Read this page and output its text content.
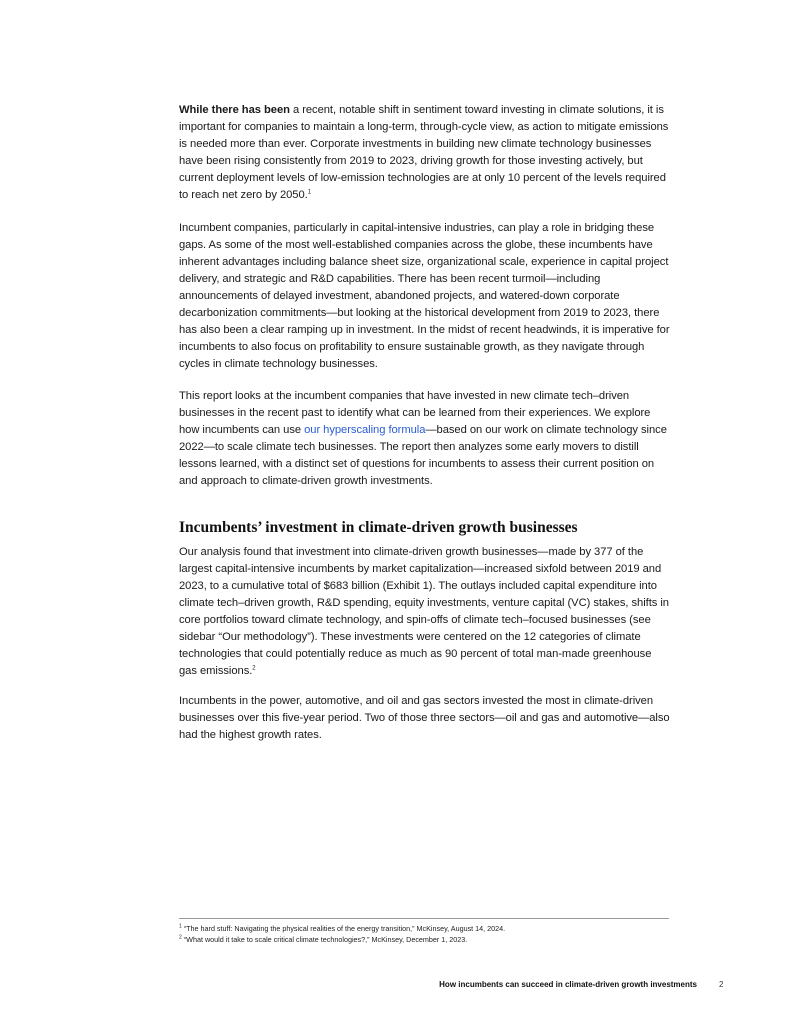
While there has been a recent, notable shift in sentiment toward investing in climate solutions, it is important for companies to maintain a long-term, through-cycle view, as action to mitigate emissions is needed more than ever. Corporate investments in building new climate technology businesses have been rising consistently from 2019 to 2023, driving growth for those investing actively, but current deployment levels of low-emission technologies are at only 10 percent of the levels required to reach net zero by 2050.$^1$

Incumbent companies, particularly in capital-intensive industries, can play a role in bridging these gaps. As some of the most well-established companies across the globe, these incumbents have inherent advantages including balance sheet size, organizational scale, experience in capital project delivery, and strategic and R&D capabilities. There has been recent turmoil—including announcements of delayed investment, abandoned projects, and watered-down corporate decarbonization commitments—but looking at the historical development from 2019 to 2023, there has also been a clear ramping up in investment. In the midst of recent headwinds, it is imperative for incumbents to also focus on profitability to ensure sustainable growth, as they navigate through cycles in climate technology businesses.

This report looks at the incumbent companies that have invested in new climate tech–driven businesses in the recent past to identify what can be learned from their experiences. We explore how incumbents can use our hyperscaling formula—based on our work on climate technology since 2022—to scale climate tech businesses. The report then analyzes some early movers to distill lessons learned, with a distinct set of questions for incumbents to assess their current position on and approach to climate-driven growth investments.

Incumbents’ investment in climate-driven growth businesses

Our analysis found that investment into climate-driven growth businesses—made by 377 of the largest capital-intensive incumbents by market capitalization—increased sixfold between 2019 and 2023, to a cumulative total of $683 billion (Exhibit 1). The outlays included capital expenditure into climate tech–driven growth, R&D spending, equity investments, venture capital (VC) stakes, shifts in core portfolios toward climate technology, and spin-offs of climate tech–focused businesses (see sidebar “Our methodology”). These investments were centered on the 12 categories of climate technologies that could potentially reduce as much as 90 percent of total man-made greenhouse gas emissions.$^2$

Incumbents in the power, automotive, and oil and gas sectors invested the most in climate-driven businesses over this five-year period. Two of those three sectors—oil and gas and automotive—also had the highest growth rates.

$^1$ “The hard stuff: Navigating the physical realities of the energy transition,” McKinsey, August 14, 2024.
$^2$ “What would it take to scale critical climate technologies?,” McKinsey, December 1, 2023.
How incumbents can succeed in climate-driven growth investments	2
